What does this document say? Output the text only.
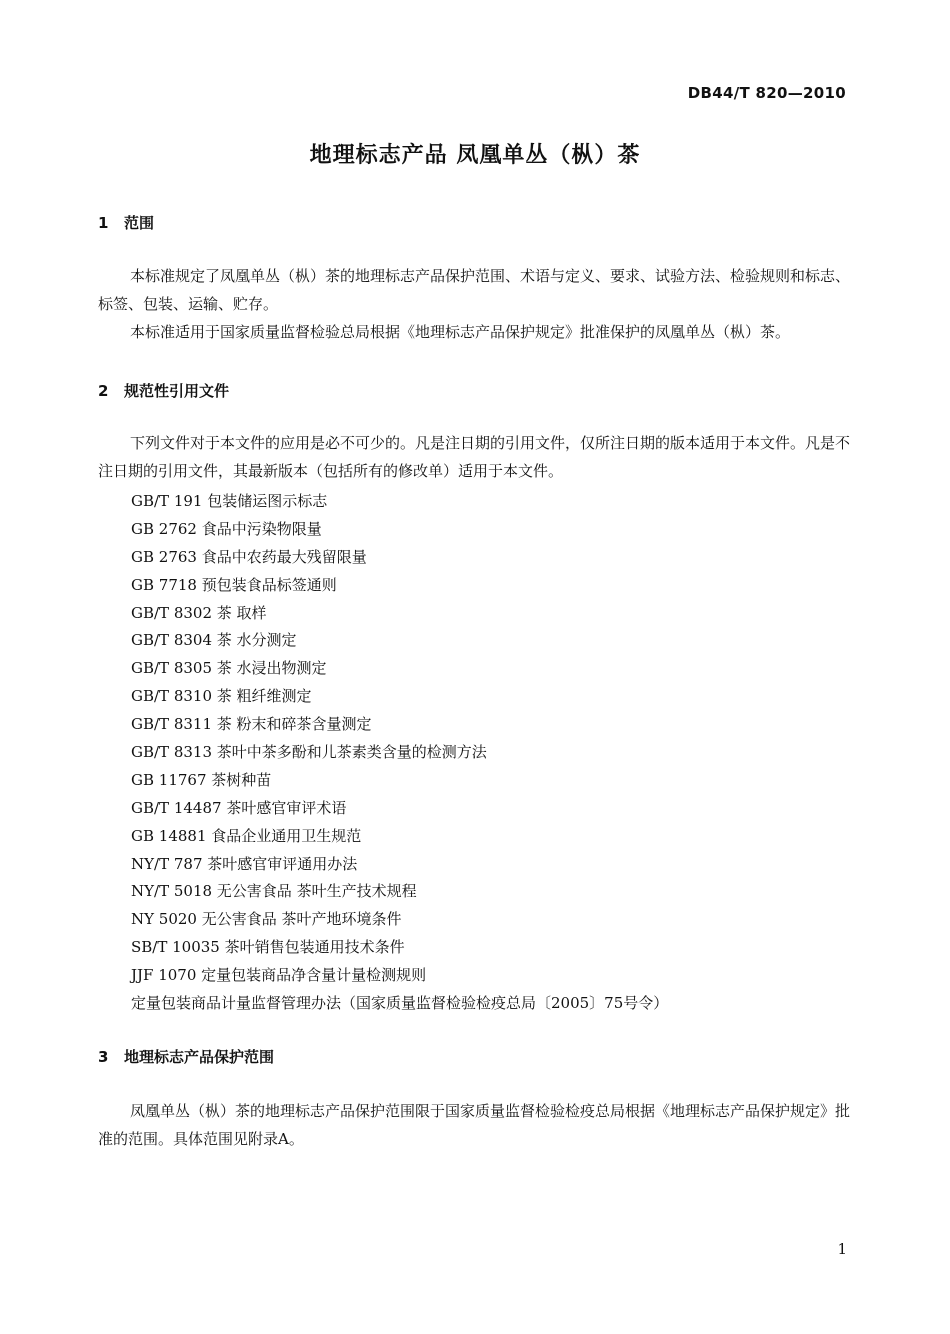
DB44/T 820—2010
地理标志产品 凤凰单丛（枞）茶
1 范围
本标准规定了凤凰单丛（枞）茶的地理标志产品保护范围、术语与定义、要求、试验方法、检验规则和标志、标签、包装、运输、贮存。
本标准适用于国家质量监督检验总局根据《地理标志产品保护规定》批准保护的凤凰单丛（枞）茶。
2 规范性引用文件
下列文件对于本文件的应用是必不可少的。凡是注日期的引用文件，仅所注日期的版本适用于本文件。凡是不注日期的引用文件，其最新版本（包括所有的修改单）适用于本文件。
GB/T 191 包装储运图示标志
GB 2762 食品中污染物限量
GB 2763 食品中农药最大残留限量
GB 7718 预包装食品标签通则
GB/T 8302 茶 取样
GB/T 8304 茶 水分测定
GB/T 8305 茶 水浸出物测定
GB/T 8310 茶 粗纤维测定
GB/T 8311 茶 粉末和碎茶含量测定
GB/T 8313 茶叶中茶多酚和儿茶素类含量的检测方法
GB 11767 茶树种苗
GB/T 14487 茶叶感官审评术语
GB 14881 食品企业通用卫生规范
NY/T 787 茶叶感官审评通用办法
NY/T 5018 无公害食品 茶叶生产技术规程
NY 5020 无公害食品 茶叶产地环境条件
SB/T 10035 茶叶销售包装通用技术条件
JJF 1070 定量包装商品净含量计量检测规则
定量包装商品计量监督管理办法（国家质量监督检验检疫总局〔2005〕75号令）
3 地理标志产品保护范围
凤凰单丛（枞）茶的地理标志产品保护范围限于国家质量监督检验检疫总局根据《地理标志产品保护规定》批准的范围。具体范围见附录A。
1
